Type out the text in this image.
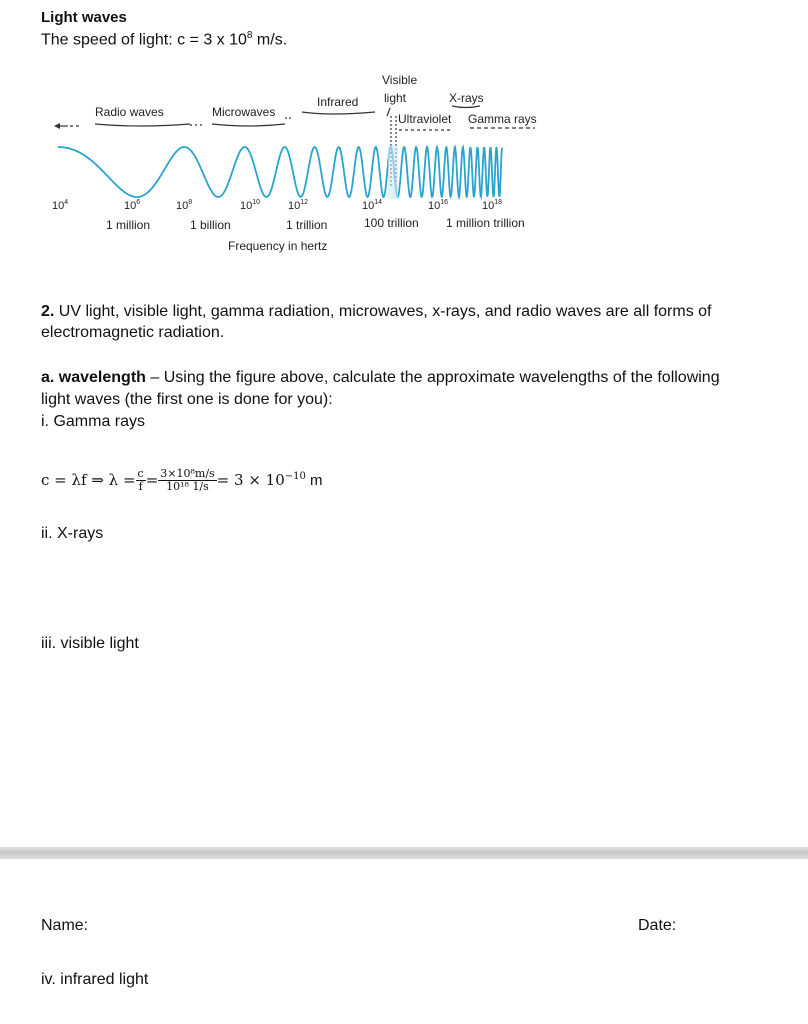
Light waves
The speed of light: c = 3 x $10^8$ m/s.
Radio waves	Microwaves
Infrared
Visible
light	X-rays
Ultraviolet Gamma rays
$10^4$	$10^6$	$10^8$	$10^{10}$	$10^{12}$	$10^{14}$	$10^{16}$	$10^{18}$
1 million	1 billion	1 trillion	100 trillion 1 million trillion
Frequency in hertz
2. UV light, visible light, gamma radiation, microwaves, x-rays, and radio waves are all forms of
electromagnetic radiation.
a. wavelength – Using the figure above, calculate the approximate wavelengths of the following
light waves (the first one is done for you):
i. Gamma rays
c = λf ⇒ $\lambda = \frac{c}{f} = \frac{\text{3×10⁸m/s}}{\text{10¹⁸ 1/s}} = 3 \times 10^{-10}$ m
ii. X-rays
iii. visible light
Name:	Date:
iv. infrared light
